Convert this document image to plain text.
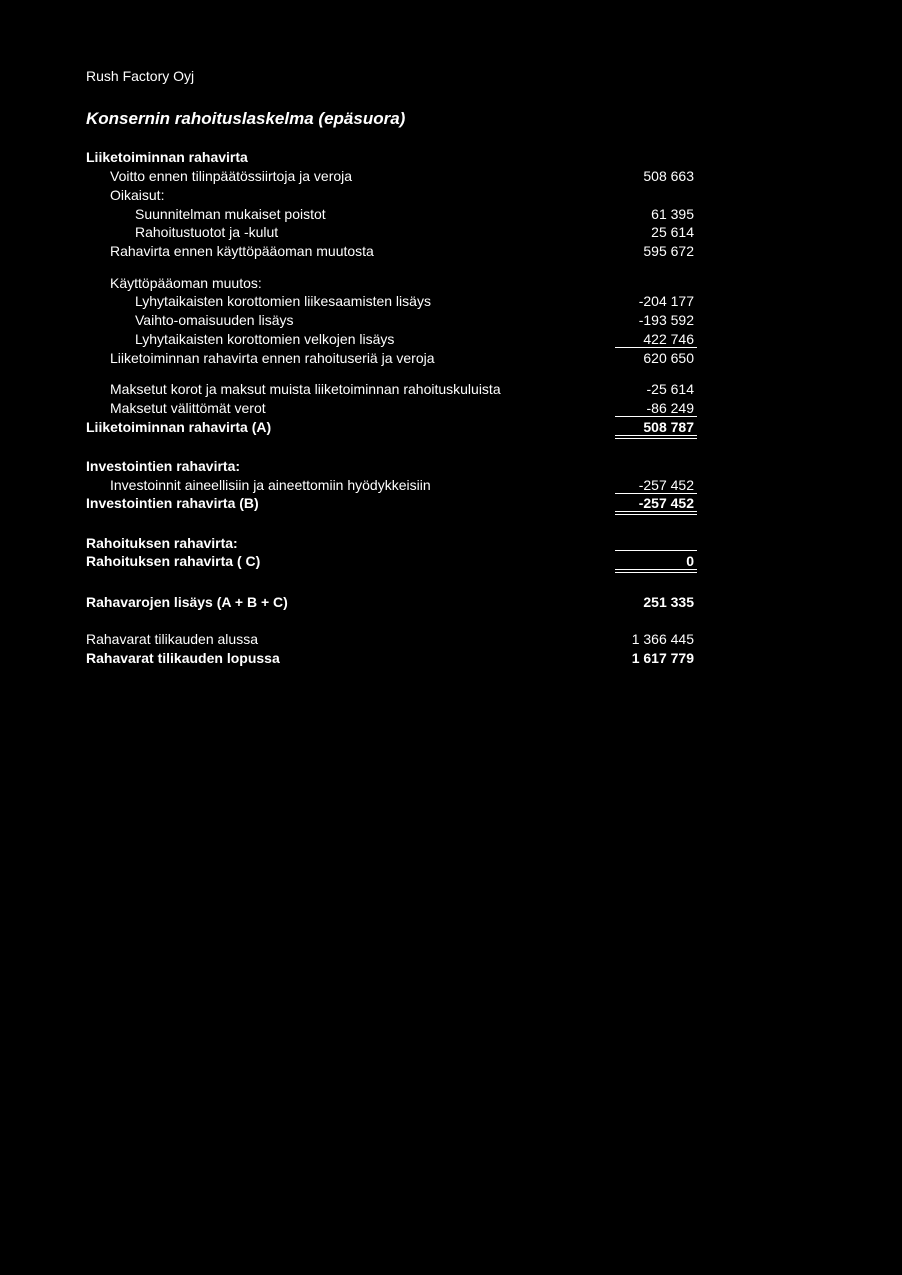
Rush Factory Oyj
Konsernin rahoituslaskelma (epäsuora)
Liiketoiminnan rahavirta
Voitto ennen tilinpäätössiirtoja ja veroja	508 663
Oikaisut:
Suunnitelman mukaiset poistot	61 395
Rahoitustuotot ja -kulut	25 614
Rahavirta ennen käyttöpääoman muutosta	595 672
Käyttöpääoman muutos:
Lyhytaikaisten korottomien liikesaamisten lisäys	-204 177
Vaihto-omaisuuden lisäys	-193 592
Lyhytaikaisten korottomien velkojen lisäys	422 746
Liiketoiminnan rahavirta ennen rahoituseriä ja veroja	620 650
Maksetut korot ja maksut muista liiketoiminnan rahoituskuluista	-25 614
Maksetut välittömät verot	-86 249
Liiketoiminnan rahavirta (A)	508 787
Investointien rahavirta:
Investoinnit aineellisiin ja aineettomiin hyödykkeisiin	-257 452
Investointien rahavirta (B)	-257 452
Rahoituksen rahavirta:
Rahoituksen rahavirta ( C)	0
Rahavarojen lisäys (A + B + C)	251 335
Rahavarat tilikauden alussa	1 366 445
Rahavarat tilikauden lopussa	1 617 779
